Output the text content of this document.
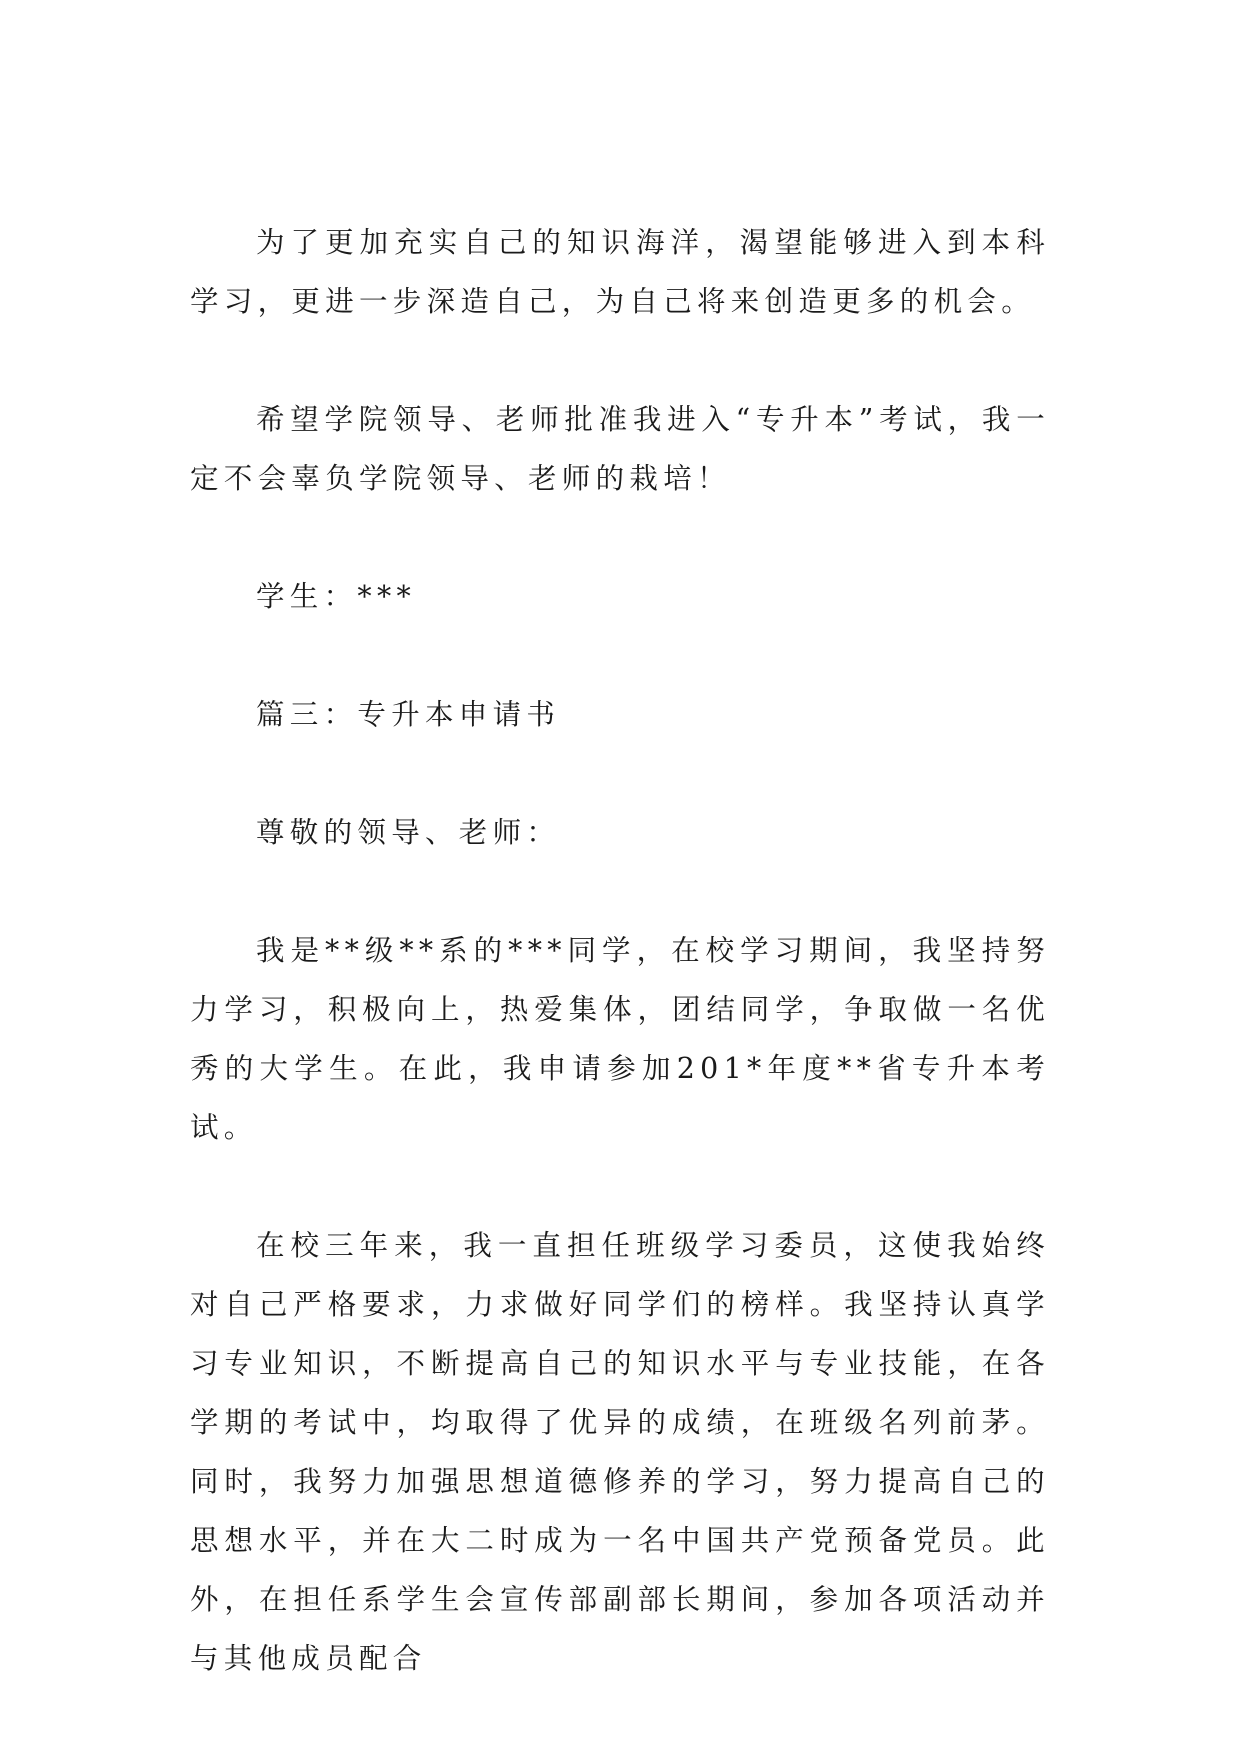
为了更加充实自己的知识海洋，渴望能够进入到本科学习，更进一步深造自己，为自己将来创造更多的机会。

希望学院领导、老师批准我进入“专升本”考试，我一定不会辜负学院领导、老师的栽培！

学生：***

篇三：专升本申请书

尊敬的领导、老师：

我是**级**系的***同学，在校学习期间，我坚持努力学习，积极向上，热爱集体，团结同学，争取做一名优秀的大学生。在此，我申请参加201*年度**省专升本考试。

在校三年来，我一直担任班级学习委员，这使我始终对自己严格要求，力求做好同学们的榜样。我坚持认真学习专业知识，不断提高自己的知识水平与专业技能，在各学期的考试中，均取得了优异的成绩，在班级名列前茅。同时，我努力加强思想道德修养的学习，努力提高自己的思想水平，并在大二时成为一名中国共产党预备党员。此外，在担任系学生会宣传部副部长期间，参加各项活动并与其他成员配合
